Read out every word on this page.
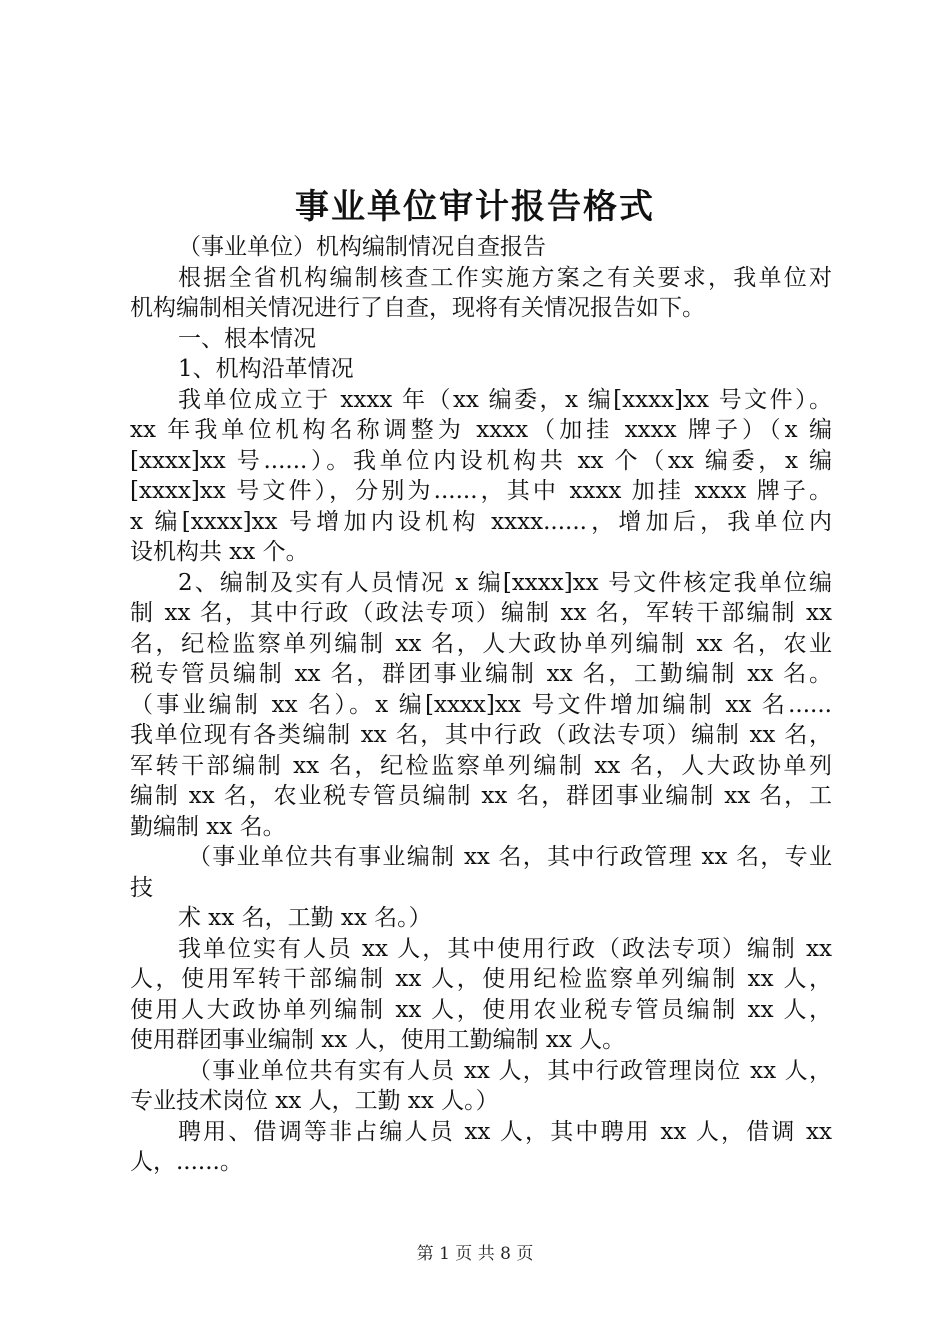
事业单位审计报告格式
（事业单位）机构编制情况自查报告
根据全省机构编制核查工作实施方案之有关要求，我单位对
机构编制相关情况进行了自查，现将有关情况报告如下。
一、根本情况
1、机构沿革情况
我单位成立于 xxxx 年（xx 编委，x 编[xxxx]xx 号文件）。
xx 年我单位机构名称调整为 xxxx（加挂 xxxx 牌子）（x 编
[xxxx]xx 号......）。我单位内设机构共 xx 个（xx 编委，x 编
[xxxx]xx 号文件），分别为......，其中 xxxx 加挂 xxxx 牌子。
x 编[xxxx]xx 号增加内设机构 xxxx......，增加后，我单位内
设机构共 xx 个。
2、编制及实有人员情况 x 编[xxxx]xx 号文件核定我单位编
制 xx 名，其中行政（政法专项）编制 xx 名，军转干部编制 xx
名，纪检监察单列编制 xx 名，人大政协单列编制 xx 名，农业
税专管员编制 xx 名，群团事业编制 xx 名，工勤编制 xx 名。
（事业编制 xx 名）。x 编[xxxx]xx 号文件增加编制 xx 名......
我单位现有各类编制 xx 名，其中行政（政法专项）编制 xx 名，
军转干部编制 xx 名，纪检监察单列编制 xx 名，人大政协单列
编制 xx 名，农业税专管员编制 xx 名，群团事业编制 xx 名，工
勤编制 xx 名。
（事业单位共有事业编制 xx 名，其中行政管理 xx 名，专业
技
术 xx 名，工勤 xx 名。）
我单位实有人员 xx 人，其中使用行政（政法专项）编制 xx
人，使用军转干部编制 xx 人，使用纪检监察单列编制 xx 人，
使用人大政协单列编制 xx 人，使用农业税专管员编制 xx 人，
使用群团事业编制 xx 人，使用工勤编制 xx 人。
（事业单位共有实有人员 xx 人，其中行政管理岗位 xx 人，
专业技术岗位 xx 人，工勤 xx 人。）
聘用、借调等非占编人员 xx 人，其中聘用 xx 人，借调 xx
人，......。
第 1 页 共 8 页
